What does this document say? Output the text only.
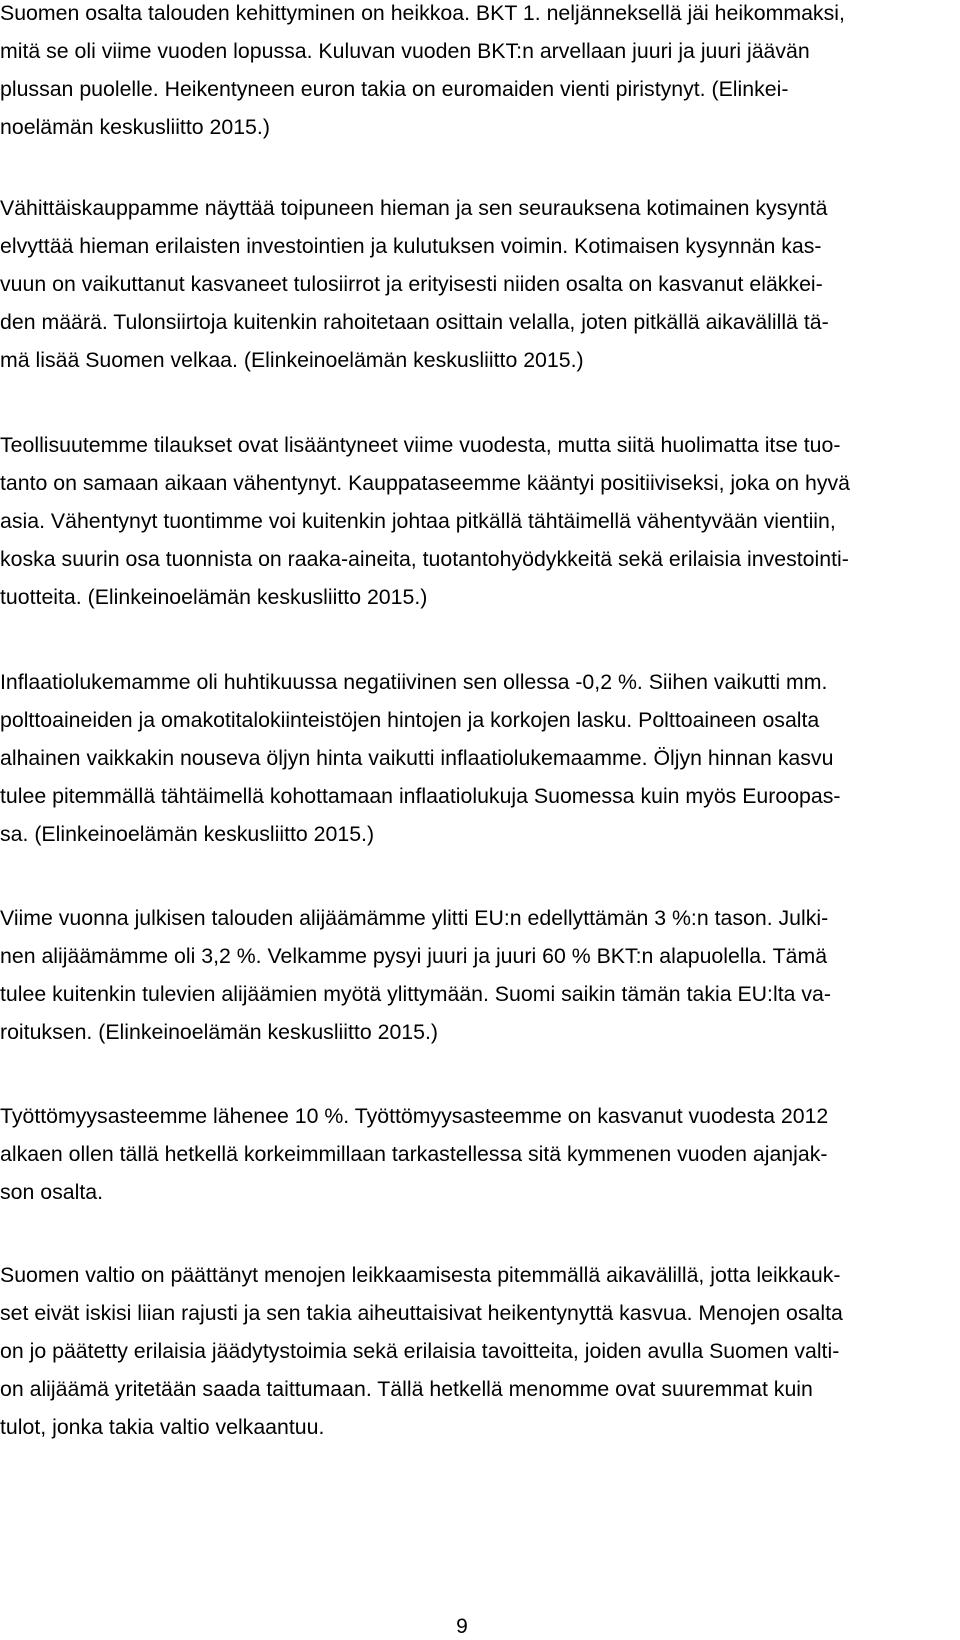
Suomen osalta talouden kehittyminen on heikkoa. BKT 1. neljänneksellä jäi heikommaksi,
mitä se oli viime vuoden lopussa. Kuluvan vuoden BKT:n arvellaan juuri ja juuri jäävän
plussan puolelle. Heikentyneen euron takia on euromaiden vienti piristynyt. (Elinkei-
noelämän keskusliitto 2015.)
Vähittäiskauppamme näyttää toipuneen hieman ja sen seurauksena kotimainen kysyntä
elvyttää hieman erilaisten investointien ja kulutuksen voimin. Kotimaisen kysynnän kas-
vuun on vaikuttanut kasvaneet tulosiirrot ja erityisesti niiden osalta on kasvanut eläkkei-
den määrä. Tulonsiirtoja kuitenkin rahoitetaan osittain velalla, joten pitkällä aikavälillä tä-
mä lisää Suomen velkaa. (Elinkeinoelämän keskusliitto 2015.)
Teollisuutemme tilaukset ovat lisääntyneet viime vuodesta, mutta siitä huolimatta itse tuo-
tanto on samaan aikaan vähentynyt. Kauppataseemme kääntyi positiiviseksi, joka on hyvä
asia. Vähentynyt tuontimme voi kuitenkin johtaa pitkällä tähtäimellä vähentyvään vientiin,
koska suurin osa tuonnista on raaka-aineita, tuotantohyödykkeitä sekä erilaisia investointi-
tuotteita. (Elinkeinoelämän keskusliitto 2015.)
Inflaatiolukemamme oli huhtikuussa negatiivinen sen ollessa -0,2 %. Siihen vaikutti mm.
polttoaineiden ja omakotitalokiinteistöjen hintojen ja korkojen lasku. Polttoaineen osalta
alhainen vaikkakin nouseva öljyn hinta vaikutti inflaatiolukemaamme. Öljyn hinnan kasvu
tulee pitemmällä tähtäimellä kohottamaan inflaatiolukuja Suomessa kuin myös Euroopas-
sa. (Elinkeinoelämän keskusliitto 2015.)
Viime vuonna julkisen talouden alijäämämme ylitti EU:n edellyttämän 3 %:n tason. Julki-
nen alijäämämme oli 3,2 %. Velkamme pysyi juuri ja juuri 60 % BKT:n alapuolella. Tämä
tulee kuitenkin tulevien alijäämien myötä ylittymään. Suomi saikin tämän takia EU:lta va-
roituksen. (Elinkeinoelämän keskusliitto 2015.)
Työttömyysasteemme lähenee 10 %. Työttömyysasteemme on kasvanut vuodesta 2012
alkaen ollen tällä hetkellä korkeimmillaan tarkastellessa sitä kymmenen vuoden ajanjak-
son osalta.
Suomen valtio on päättänyt menojen leikkaamisesta pitemmällä aikavälillä, jotta leikkauk-
set eivät iskisi liian rajusti ja sen takia aiheuttaisivat heikentynyttä kasvua. Menojen osalta
on jo päätetty erilaisia jäädytystoimia sekä erilaisia tavoitteita, joiden avulla Suomen valti-
on alijäämä yritetään saada taittumaan. Tällä hetkellä menomme ovat suuremmat kuin
tulot, jonka takia valtio velkaantuu.
9
